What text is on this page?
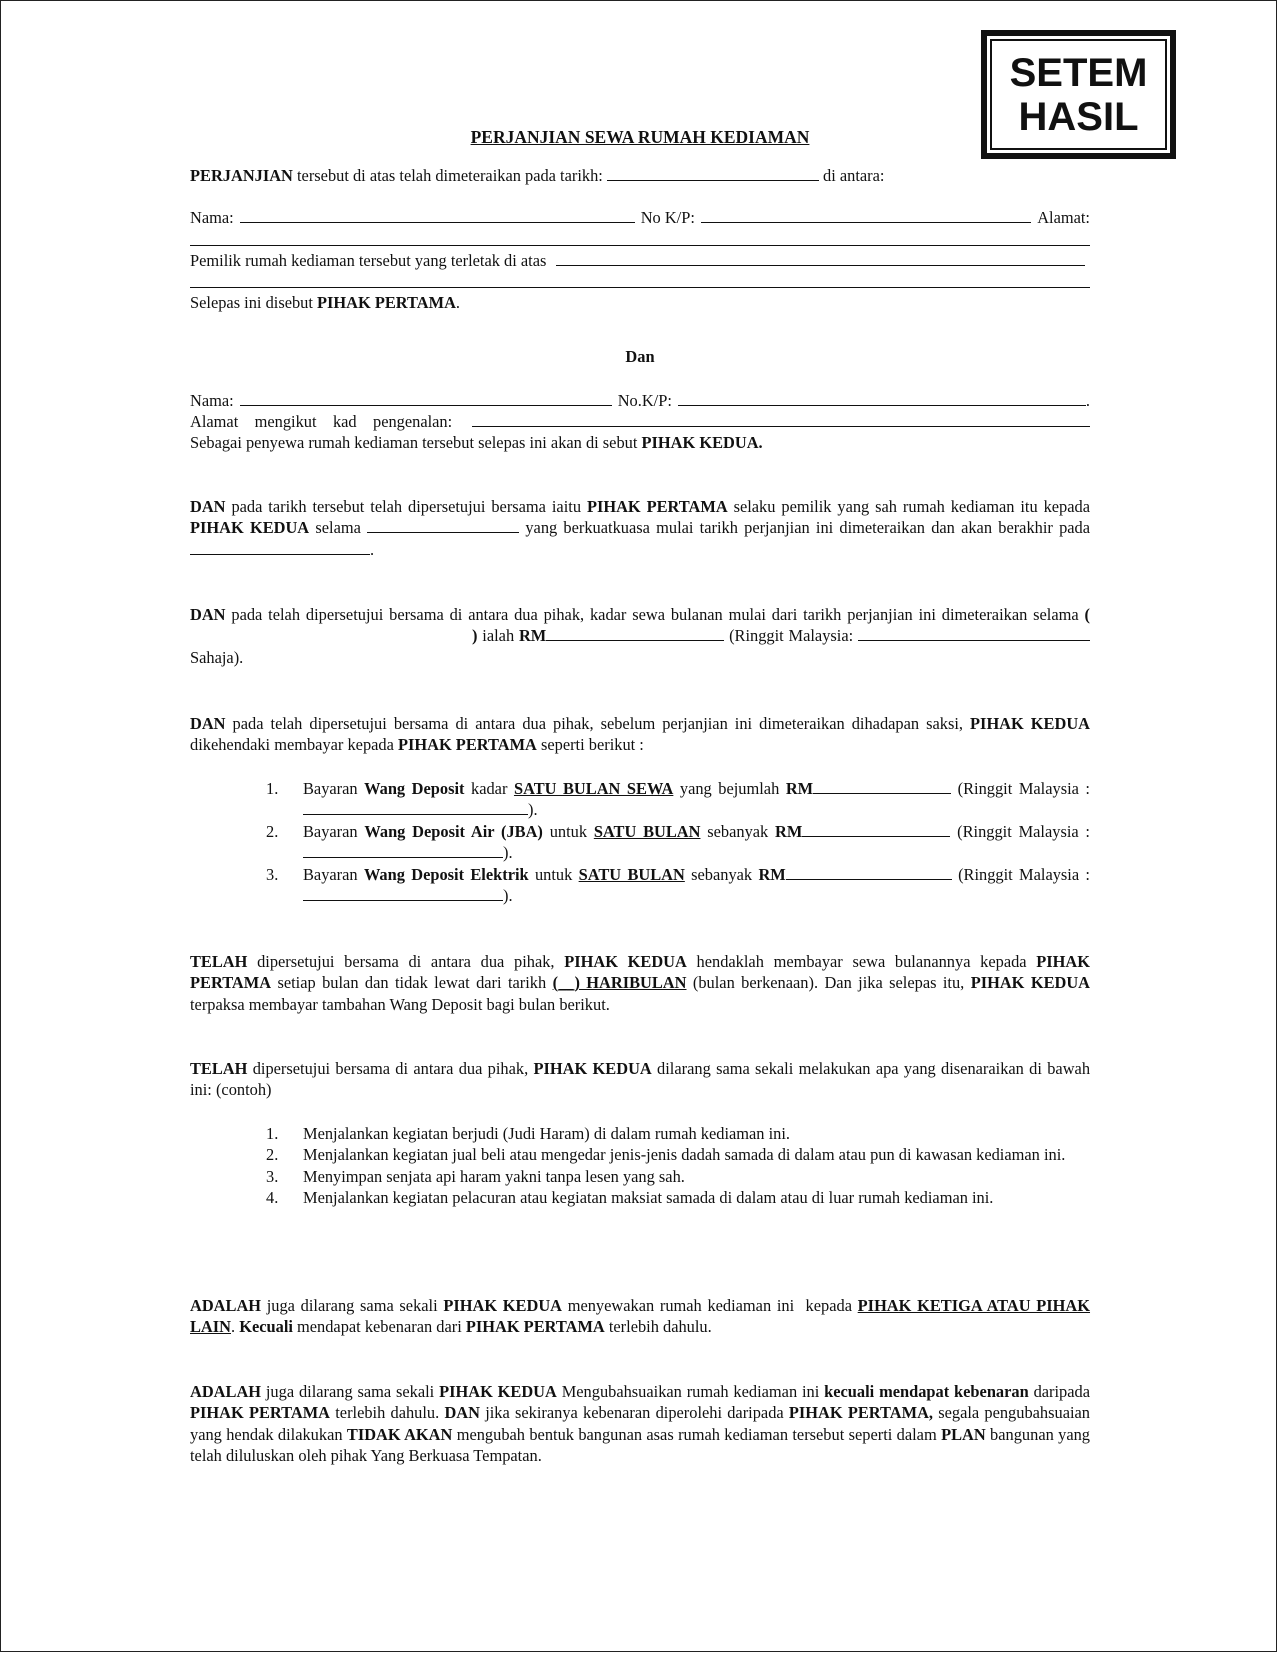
SETEM
HASIL
PERJANJIAN SEWA RUMAH KEDIAMAN
PERJANJIAN tersebut di atas telah dimeteraikan pada tarikh:	di antara:
Nama:	No K/P:	Alamat:
Pemilik rumah kediaman tersebut yang terletak di atas
Selepas ini disebut PIHAK PERTAMA.
Dan
Nama:	No.K/P:	.
Alamat    mengikut    kad    pengenalan:
Sebagai penyewa rumah kediaman tersebut selepas ini akan di sebut PIHAK KEDUA.
DAN pada tarikh tersebut telah dipersetujui bersama iaitu PIHAK PERTAMA selaku pemilik yang sah rumah kediaman itu kepada PIHAK KEDUA selama	yang berkuatkuasa mulai tarikh perjanjian ini dimeteraikan dan akan berakhir pada .
DAN pada telah dipersetujui bersama di antara dua pihak, kadar sewa bulanan mulai dari tarikh perjanjian ini dimeteraikan selama () ialah RM	(Ringgit Malaysia: Sahaja).
DAN pada telah dipersetujui bersama di antara dua pihak, sebelum perjanjian ini dimeteraikan dihadapan saksi, PIHAK KEDUA  dikehendaki membayar kepada PIHAK PERTAMA seperti berikut :
1. Bayaran Wang Deposit kadar SATU BULAN SEWA yang bejumlah RM	(Ringgit Malaysia : ).
2. Bayaran Wang Deposit Air (JBA) untuk SATU BULAN sebanyak RM	(Ringgit Malaysia : ).
3. Bayaran Wang Deposit Elektrik untuk SATU BULAN sebanyak RM	(Ringgit Malaysia :).
TELAH dipersetujui bersama di antara dua pihak, PIHAK KEDUA hendaklah membayar sewa bulanannya kepada PIHAK PERTAMA setiap bulan dan tidak lewat dari tarikh (__) HARIBULAN (bulan berkenaan). Dan jika selepas itu, PIHAK KEDUA terpaksa membayar tambahan Wang Deposit bagi bulan berikut.
TELAH dipersetujui bersama di antara dua pihak, PIHAK KEDUA dilarang sama sekali melakukan apa yang disenaraikan di bawah ini: (contoh)
1. Menjalankan kegiatan berjudi (Judi Haram) di dalam rumah kediaman ini.
2. Menjalankan kegiatan jual beli atau mengedar jenis-jenis dadah samada di dalam atau pun di kawasan kediaman ini.
3. Menyimpan senjata api haram yakni tanpa lesen yang sah.
4. Menjalankan kegiatan pelacuran atau kegiatan maksiat samada di dalam atau di luar rumah kediaman ini.
ADALAH juga dilarang sama sekali PIHAK KEDUA menyewakan rumah kediaman ini  kepada PIHAK KETIGA ATAU PIHAK LAIN. Kecuali mendapat kebenaran dari PIHAK PERTAMA terlebih dahulu.
ADALAH juga dilarang sama sekali PIHAK KEDUA Mengubahsuaikan rumah kediaman ini kecuali mendapat kebenaran daripada PIHAK PERTAMA terlebih dahulu. DAN jika sekiranya kebenaran diperolehi daripada PIHAK PERTAMA, segala pengubahsuaian yang hendak dilakukan TIDAK AKAN mengubah bentuk bangunan asas rumah kediaman tersebut seperti dalam PLAN bangunan yang telah diluluskan oleh pihak Yang Berkuasa Tempatan.
